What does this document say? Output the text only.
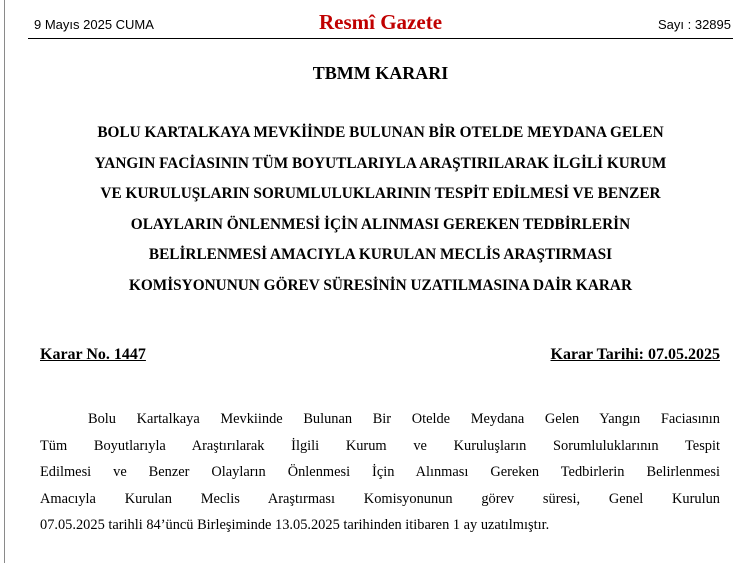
9 Mayıs 2025 CUMA	Resmî Gazete	Sayı : 32895
TBMM KARARI
BOLU KARTALKAYA MEVKİİNDE BULUNAN BİR OTELDE MEYDANA GELEN
YANGIN FACİASININ TÜM BOYUTLARIYLA ARAŞTIRILARAK İLGİLİ KURUM
VE KURULUŞLARIN SORUMLULUKLARININ TESPİT EDİLMESİ VE BENZER
OLAYLARIN ÖNLENMESİ İÇİN ALINMASI GEREKEN TEDBİRLERİN
BELİRLENMESİ AMACIYLA KURULAN MECLİS ARAŞTIRMASI
KOMİSYONUNUN GÖREV SÜRESİNİN UZATILMASINA DAİR KARAR
Karar No. 1447	Karar Tarihi: 07.05.2025

Bolu Kartalkaya Mevkiinde Bulunan Bir Otelde Meydana Gelen Yangın Faciasının
Tüm Boyutlarıyla Araştırılarak İlgili Kurum ve Kuruluşların Sorumluluklarının Tespit
Edilmesi ve Benzer Olayların Önlenmesi İçin Alınması Gereken Tedbirlerin Belirlenmesi
Amacıyla Kurulan Meclis Araştırması Komisyonunun görev süresi, Genel Kurulun
07.05.2025 tarihli 84’üncü Birleşiminde 13.05.2025 tarihinden itibaren 1 ay uzatılmıştır.
